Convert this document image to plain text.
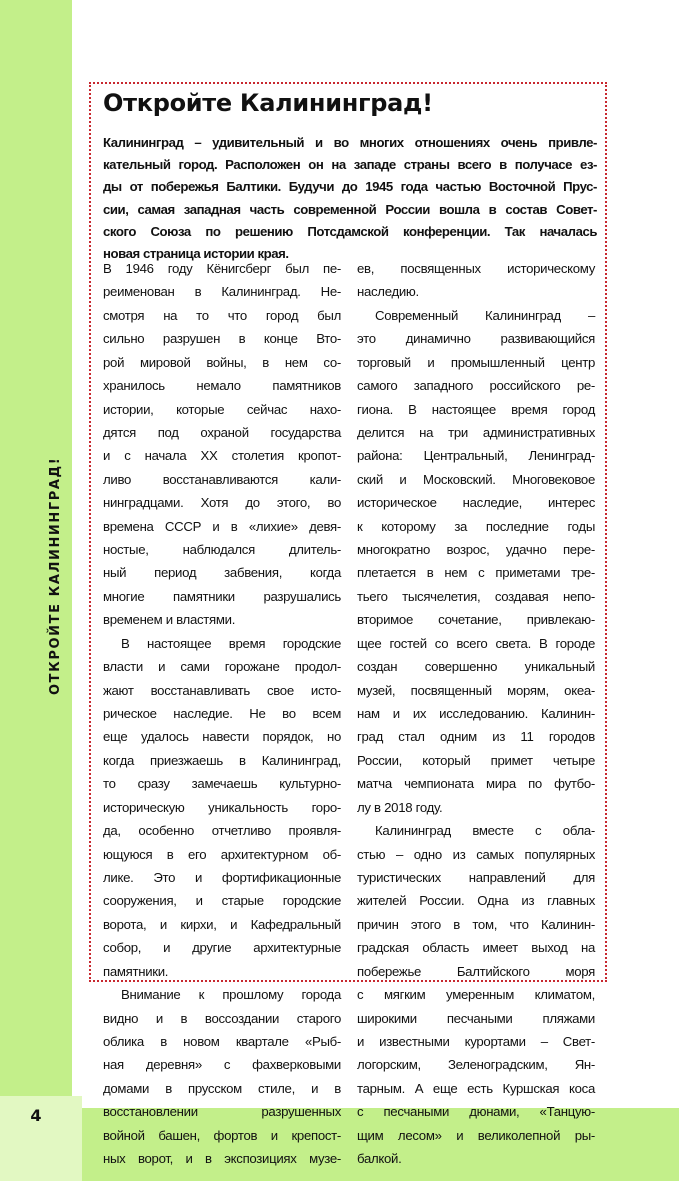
ОТКРОЙТЕ КАЛИНИНГРАД!
4
Откройте Калининград!
Калининград – удивительный и во многих отношениях очень привле-
кательный город. Расположен он на западе страны всего в получасе ез-
ды от побережья Балтики. Будучи до 1945 года частью Восточной Прус-
сии, самая западная часть современной России вошла в состав Совет-
ского Союза по решению Потсдамской конференции. Так началась
новая страница истории края.
В 1946 году Кёнигсберг был пе-
реименован в Калининград. Не-
смотря на то что город был
сильно разрушен в конце Вто-
рой мировой войны, в нем со-
хранилось немало памятников
истории, которые сейчас нахо-
дятся под охраной государства
и с начала XX столетия кропот-
ливо восстанавливаются кали-
нинградцами. Хотя до этого, во
времена СССР и в «лихие» девя-
ностые, наблюдался длитель-
ный период забвения, когда
многие памятники разрушались
временем и властями.
В настоящее время городские
власти и сами горожане продол-
жают восстанавливать свое исто-
рическое наследие. Не во всем
еще удалось навести порядок, но
когда приезжаешь в Калининград,
то сразу замечаешь культурно-
историческую уникальность горо-
да, особенно отчетливо проявля-
ющуюся в его архитектурном об-
лике. Это и фортификационные
сооружения, и старые городские
ворота, и кирхи, и Кафедральный
собор, и другие архитектурные
памятники.
Внимание к прошлому города
видно и в воссоздании старого
облика в новом квартале «Рыб-
ная деревня» с фахверковыми
домами в прусском стиле, и в
восстановлении разрушенных
войной башен, фортов и крепост-
ных ворот, и в экспозициях музе-
ев, посвященных историческому
наследию.
Современный Калининград –
это динамично развивающийся
торговый и промышленный центр
самого западного российского ре-
гиона. В настоящее время город
делится на три административных
района: Центральный, Ленинград-
ский и Московский. Многовековое
историческое наследие, интерес
к которому за последние годы
многократно возрос, удачно пере-
плетается в нем с приметами тре-
тьего тысячелетия, создавая непо-
вторимое сочетание, привлекаю-
щее гостей со всего света. В городе
создан совершенно уникальный
музей, посвященный морям, океа-
нам и их исследованию. Калинин-
град стал одним из 11 городов
России, который примет четыре
матча чемпионата мира по футбо-
лу в 2018 году.
Калининград вместе с обла-
стью – одно из самых популярных
туристических направлений для
жителей России. Одна из главных
причин этого в том, что Калинин-
градская область имеет выход на
побережье Балтийского моря
с мягким умеренным климатом,
широкими песчаными пляжами
и известными курортами – Свет-
логорским, Зеленоградским, Ян-
тарным. А еще есть Куршская коса
с песчаными дюнами, «Танцую-
щим лесом» и великолепной ры-
балкой.
